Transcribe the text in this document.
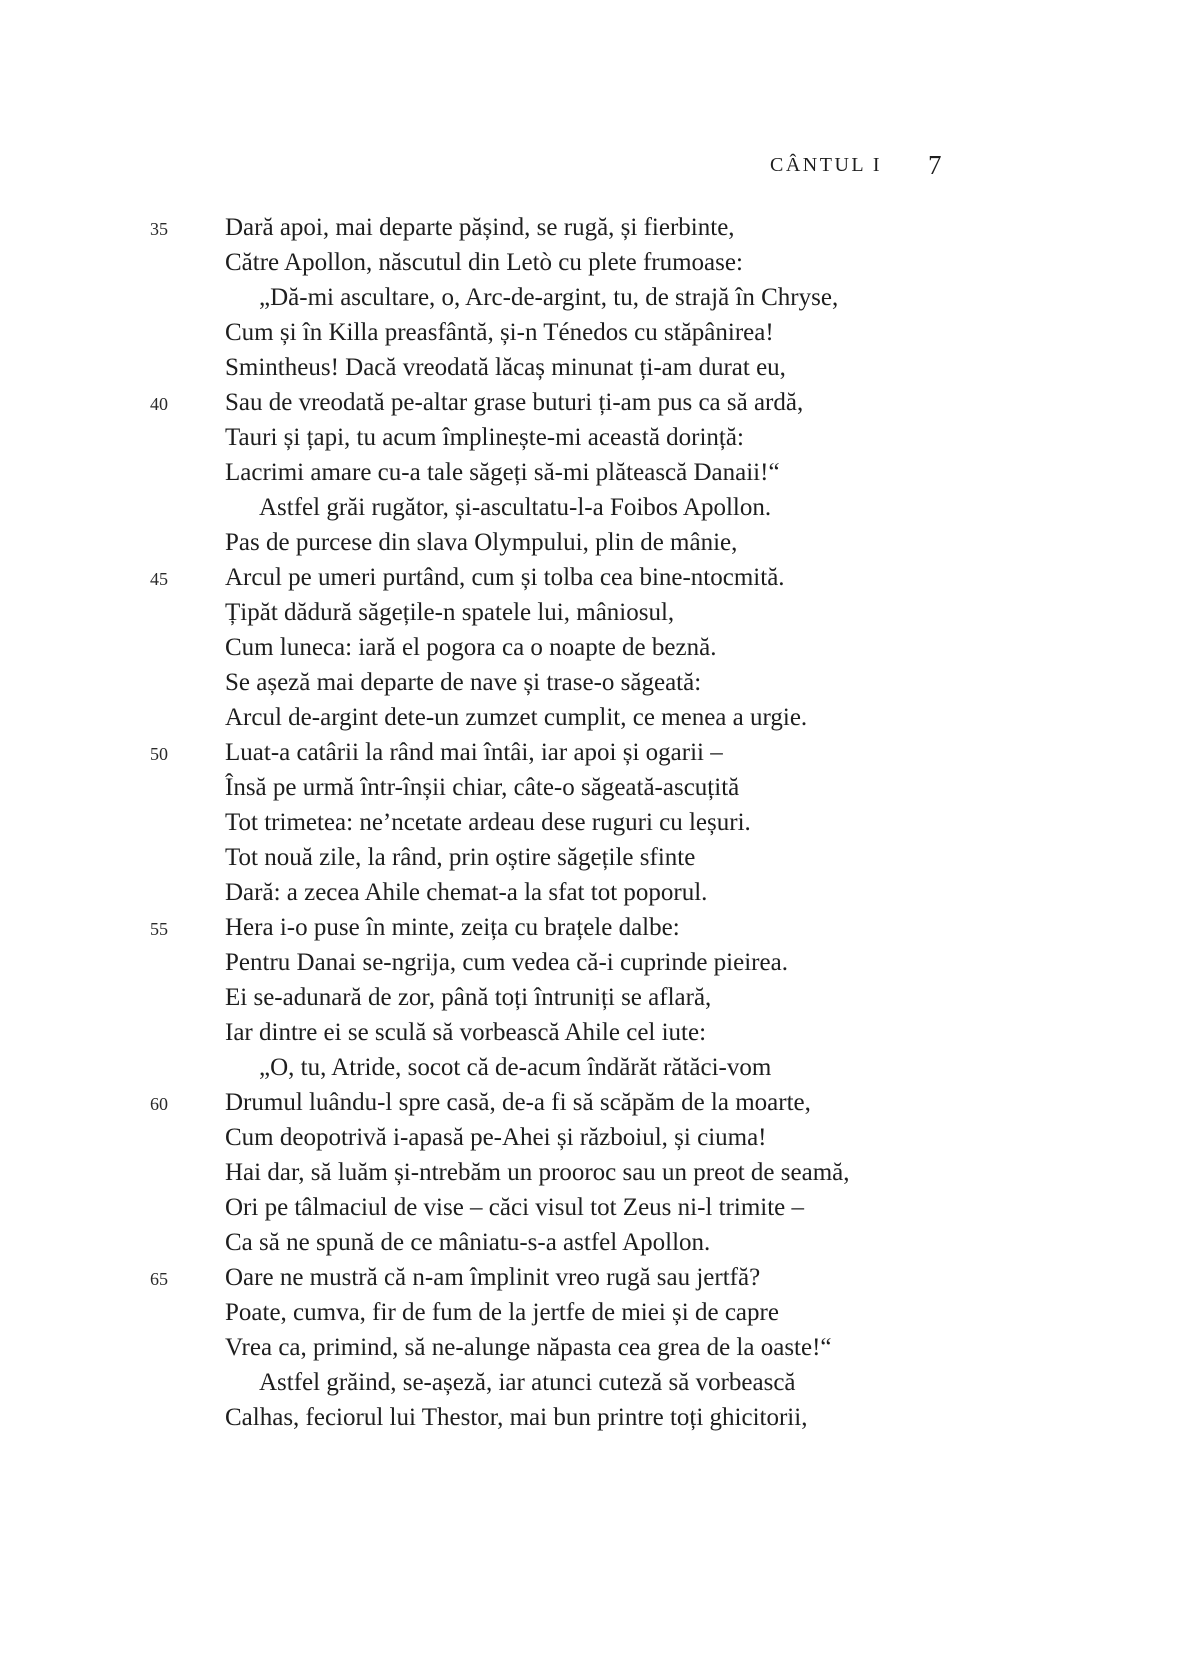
CÂNTUL I 7
35	Dară apoi, mai departe pășind, se rugă, și fierbinte,
Către Apollon, născutul din Letò cu plete frumoase:
„Dă-mi ascultare, o, Arc-de-argint, tu, de strajă în Chryse,
Cum și în Killa preasfântă, și-n Ténedos cu stăpânirea!
Smintheus! Dacă vreodată lăcaș minunat ți-am durat eu,
40	Sau de vreodată pe-altar grase buturi ți-am pus ca să ardă,
Tauri și țapi, tu acum împlinește-mi această dorință:
Lacrimi amare cu-a tale săgeți să-mi plătească Danaii!“
Astfel grăi rugător, și-ascultatu-l-a Foibos Apollon.
Pas de purcese din slava Olympului, plin de mânie,
45	Arcul pe umeri purtând, cum și tolba cea bine-ntocmită.
Țipăt dădură săgețile-n spatele lui, mâniosul,
Cum luneca: iară el pogora ca o noapte de beznă.
Se așeză mai departe de nave și trase-o săgeată:
Arcul de-argint dete-un zumzet cumplit, ce menea a urgie.
50	Luat-a catârii la rând mai întâi, iar apoi și ogarii –
Însă pe urmă într-înșii chiar, câte-o săgeată-ascuțită
Tot trimetea: ne’ncetate ardeau dese ruguri cu leșuri.
Tot nouă zile, la rând, prin oștire săgețile sfinte
Dară: a zecea Ahile chemat-a la sfat tot poporul.
55	Hera i-o puse în minte, zeița cu brațele dalbe:
Pentru Danai se-ngrija, cum vedea că-i cuprinde pieirea.
Ei se-adunară de zor, până toți întruniți se aflară,
Iar dintre ei se sculă să vorbească Ahile cel iute:
„O, tu, Atride, socot că de-acum îndărăt rătăci-vom
60	Drumul luându-l spre casă, de-a fi să scăpăm de la moarte,
Cum deopotrivă i-apasă pe-Ahei și războiul, și ciuma!
Hai dar, să luăm și-ntrebăm un prooroc sau un preot de seamă,
Ori pe tâlmaciul de vise – căci visul tot Zeus ni-l trimite –
Ca să ne spună de ce mâniatu-s-a astfel Apollon.
65	Oare ne mustră că n-am împlinit vreo rugă sau jertfă?
Poate, cumva, fir de fum de la jertfe de miei și de capre
Vrea ca, primind, să ne-alunge năpasta cea grea de la oaste!“
Astfel grăind, se-așeză, iar atunci cuteză să vorbească
Calhas, feciorul lui Thestor, mai bun printre toți ghicitorii,
